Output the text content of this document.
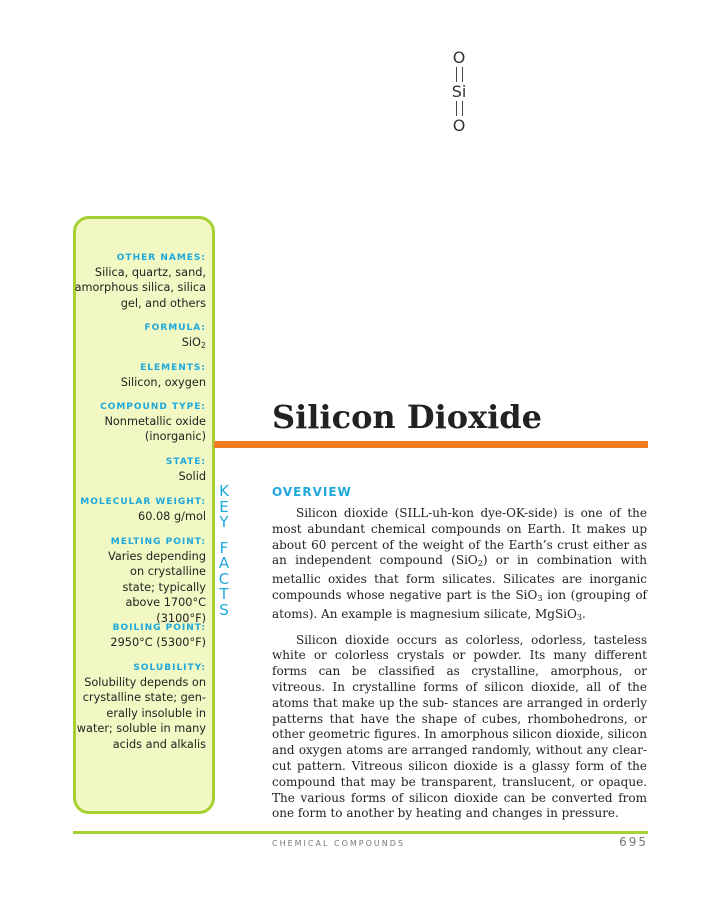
O
Si
O
OTHER NAMES:
Silica, quartz, sand, amorphous silica, silica gel, and others
FORMULA:
SiO$_2$
ELEMENTS:
Silicon, oxygen
COMPOUND TYPE:
Nonmetallic oxide (inorganic)
STATE:
Solid
MOLECULAR WEIGHT:
60.08 g/mol
MELTING POINT:
Varies depending on crystalline state; typically above 1700°C (3100°F)
BOILING POINT:
2950°C (5300°F)
SOLUBILITY:
Solubility depends on crystalline state; gen- erally insoluble in water; soluble in many acids and alkalis
K
E
Y
F
A
C
T
S
Silicon Dioxide
OVERVIEW

Silicon dioxide (SILL-uh-kon dye-OK-side) is one of the most abundant chemical compounds on Earth. It makes up about 60 percent of the weight of the Earth’s crust either as an independent compound (SiO$_2$) or in combination with metallic oxides that form silicates. Silicates are inorganic compounds whose negative part is the SiO$_3$ ion (grouping of atoms). An example is magnesium silicate, MgSiO$_3$.

Silicon dioxide occurs as colorless, odorless, tasteless white or colorless crystals or powder. Its many different forms can be classified as crystalline, amorphous, or vitreous. In crystalline forms of silicon dioxide, all of the atoms that make up the sub- stances are arranged in orderly patterns that have the shape of cubes, rhombohedrons, or other geometric figures. In amorphous silicon dioxide, silicon and oxygen atoms are arranged randomly, without any clear-cut pattern. Vitreous silicon dioxide is a glassy form of the compound that may be transparent, translucent, or opaque. The various forms of silicon dioxide can be converted from one form to another by heating and changes in pressure.

CHEMICAL COMPOUNDS	695
